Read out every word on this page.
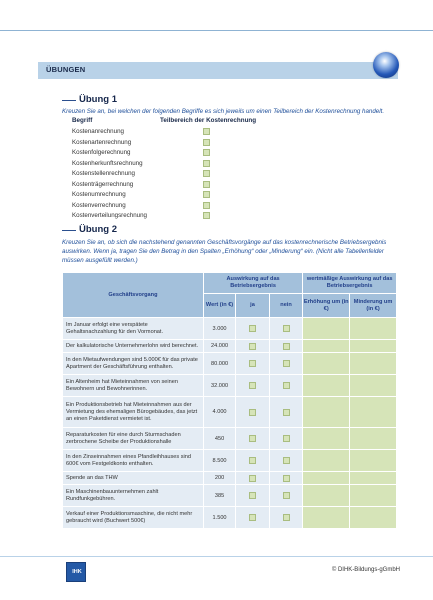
ÜBUNGEN
Übung 1
Kreuzen Sie an, bei welchen der folgenden Begriffe es sich jeweils um einen Teilbereich der Kostenrechnung handelt.
Begriff	Teilbereich der Kostenrechnung
Kostenanrechnung
Kostenartenrechnung
Kostenfolgerechnung
Kostenherkunftsrechnung
Kostenstellenrechnung
Kostenträgerrechnung
Kostenumrechnung
Kostenverrechnung
Kostenverteilungsrechnung
Übung 2
Kreuzen Sie an, ob sich die nachstehend genannten Geschäftsvorgänge auf das kostenrechnerische Betriebsergebnis auswirken. Wenn ja, tragen Sie den Betrag in den Spalten „Erhöhung“ oder „Minderung“ ein. (Nicht alle Tabellenfelder müssen ausgefüllt werden.)
Geschäftsvorgang	Auswirkung auf das Betriebsergebnis			wertmäßige Auswirkung auf das Betriebsergebnis	
	Wert (in €)	ja	nein	Erhöhung um (in €)	Minderung um (in €)
Im Januar erfolgt eine verspätete Gehaltsnachzahlung für den Vormonat.	3.000				
Der kalkulatorische Unternehmerlohn wird berechnet.	24.000				
In den Mietaufwendungen sind 5.000€ für das private Apartment der Geschäftsführung enthalten.	80.000				
Ein Altenheim hat Mieteinnahmen von seinen Bewohnern und Bewohnerinnen.	32.000				
Ein Produktionsbetrieb hat Mieteinnahmen aus der Vermietung des ehemaligen Bürogebäudes, das jetzt an einen Paketdienst vermietet ist.	4.000				
Reparaturkosten für eine durch Sturmschaden zerbrochene Scheibe der Produktionshalle	450				
In den Zinseinnahmen eines Pfandleihhauses sind 600€ vom Festgeldkonto enthalten.	8.500				
Spende an das THW	200				
Ein Maschinenbauunternehmen zahlt Rundfunkgebühren.	385				
Verkauf einer Produktionsmaschine, die nicht mehr gebraucht wird (Buchwert 500€)	1.500				
IHK	© DIHK-Bildungs-gGmbH
